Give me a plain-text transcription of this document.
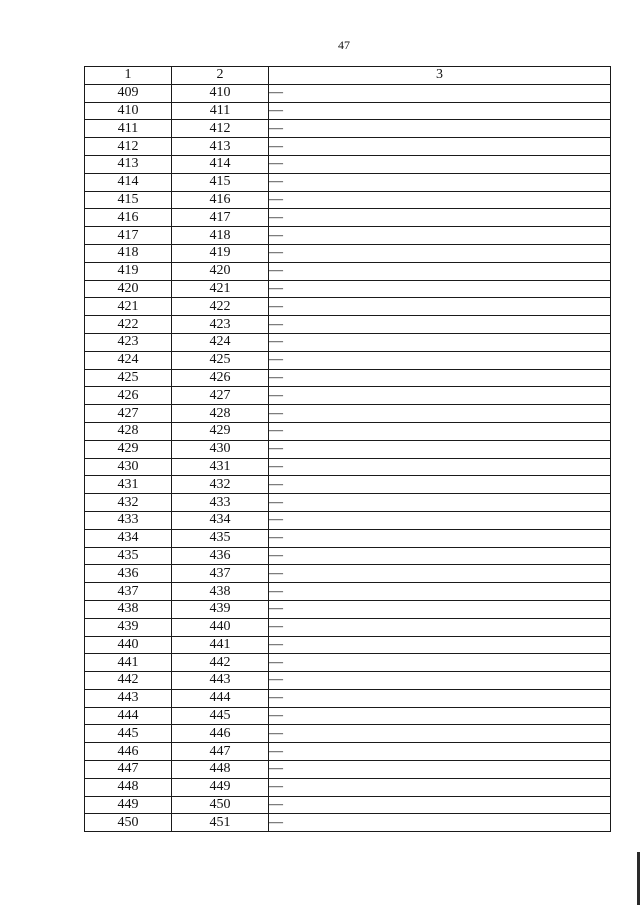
47
1	2	3
409	410	—
410	411	—
411	412	—
412	413	—
413	414	—
414	415	—
415	416	—
416	417	—
417	418	—
418	419	—
419	420	—
420	421	—
421	422	—
422	423	—
423	424	—
424	425	—
425	426	—
426	427	—
427	428	—
428	429	—
429	430	—
430	431	—
431	432	—
432	433	—
433	434	—
434	435	—
435	436	—
436	437	—
437	438	—
438	439	—
439	440	—
440	441	—
441	442	—
442	443	—
443	444	—
444	445	—
445	446	—
446	447	—
447	448	—
448	449	—
449	450	—
450	451	—
